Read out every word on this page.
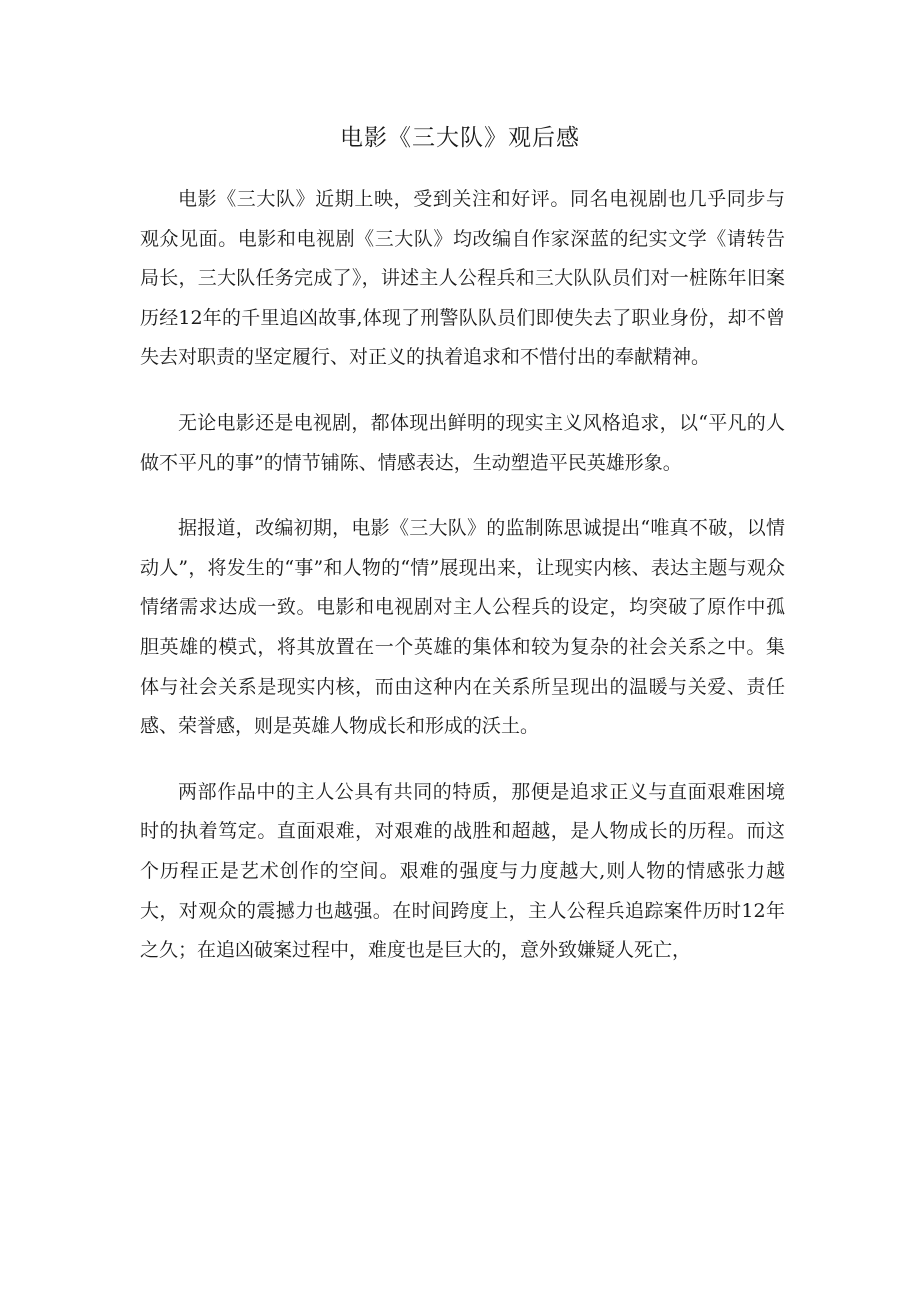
电影《三大队》观后感

电影《三大队》近期上映，受到关注和好评。同名电视剧也几乎同步与观众见面。电影和电视剧《三大队》均改编自作家深蓝的纪实文学《请转告局长，三大队任务完成了》，讲述主人公程兵和三大队队员们对一桩陈年旧案历经12年的千里追凶故事,体现了刑警队队员们即使失去了职业身份，却不曾失去对职责的坚定履行、对正义的执着追求和不惜付出的奉献精神。

无论电影还是电视剧，都体现出鲜明的现实主义风格追求，以“平凡的人做不平凡的事”的情节铺陈、情感表达，生动塑造平民英雄形象。

据报道，改编初期，电影《三大队》的监制陈思诚提出“唯真不破，以情动人”，将发生的“事”和人物的“情”展现出来，让现实内核、表达主题与观众情绪需求达成一致。电影和电视剧对主人公程兵的设定，均突破了原作中孤胆英雄的模式，将其放置在一个英雄的集体和较为复杂的社会关系之中。集体与社会关系是现实内核，而由这种内在关系所呈现出的温暖与关爱、责任感、荣誉感，则是英雄人物成长和形成的沃土。

两部作品中的主人公具有共同的特质，那便是追求正义与直面艰难困境时的执着笃定。直面艰难，对艰难的战胜和超越，是人物成长的历程。而这个历程正是艺术创作的空间。艰难的强度与力度越大,则人物的情感张力越大，对观众的震撼力也越强。在时间跨度上，主人公程兵追踪案件历时12年之久；在追凶破案过程中，难度也是巨大的，意外致嫌疑人死亡，
